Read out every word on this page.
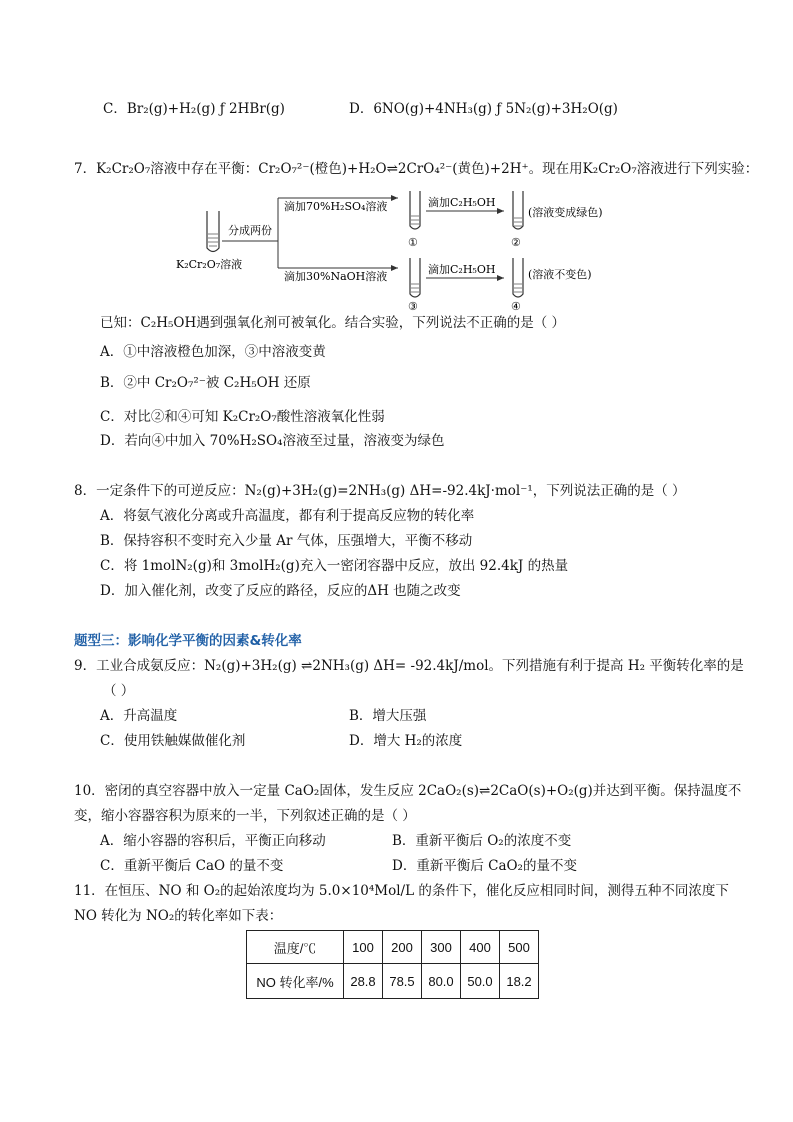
C．Br₂(g)+H₂(g) ƒ 2HBr(g)	D．6NO(g)+4NH₃(g) ƒ 5N₂(g)+3H₂O(g)
7．K₂Cr₂O₇溶液中存在平衡：Cr₂O₇²⁻(橙色)+H₂O⇌2CrO₄²⁻(黄色)+2H⁺。现在用K₂Cr₂O₇溶液进行下列实验：
K₂Cr₂O₇溶液
分成两份
滴加70%H₂SO₄溶液
滴加30%NaOH溶液
①
③
滴加C₂H₅OH
滴加C₂H₅OH
②
(溶液变成绿色)
④
(溶液不变色)
已知：C₂H₅OH遇到强氧化剂可被氧化。结合实验，下列说法不正确的是（ ）
A．①中溶液橙色加深，③中溶液变黄
B．②中 Cr₂O₇²⁻被 C₂H₅OH 还原
C．对比②和④可知 K₂Cr₂O₇酸性溶液氧化性弱
D．若向④中加入 70%H₂SO₄溶液至过量，溶液变为绿色
8．一定条件下的可逆反应：N₂(g)+3H₂(g)=2NH₃(g) ΔH=-92.4kJ·mol⁻¹，下列说法正确的是（ ）
A．将氨气液化分离或升高温度，都有利于提高反应物的转化率
B．保持容积不变时充入少量 Ar 气体，压强增大，平衡不移动
C．将 1molN₂(g)和 3molH₂(g)充入一密闭容器中反应，放出 92.4kJ 的热量
D．加入催化剂，改变了反应的路径，反应的ΔH 也随之改变
题型三：影响化学平衡的因素&转化率
9．工业合成氨反应：N₂(g)+3H₂(g) ⇌2NH₃(g) ΔH= -92.4kJ/mol。下列措施有利于提高 H₂ 平衡转化率的是
（ ）
A．升高温度	B．增大压强
C．使用铁触媒做催化剂	D．增大 H₂的浓度
10．密闭的真空容器中放入一定量 CaO₂固体，发生反应 2CaO₂(s)⇌2CaO(s)+O₂(g)并达到平衡。保持温度不
变，缩小容器容积为原来的一半，下列叙述正确的是（ ）
A．缩小容器的容积后，平衡正向移动	B．重新平衡后 O₂的浓度不变
C．重新平衡后 CaO 的量不变	D．重新平衡后 CaO₂的量不变
11．在恒压、NO 和 O₂的起始浓度均为 5.0×10⁴Mol/L 的条件下，催化反应相同时间，测得五种不同浓度下
NO 转化为 NO₂的转化率如下表：
温度/℃	100	200	300	400	500
NO 转化率/%	28.8	78.5	80.0	50.0	18.2
